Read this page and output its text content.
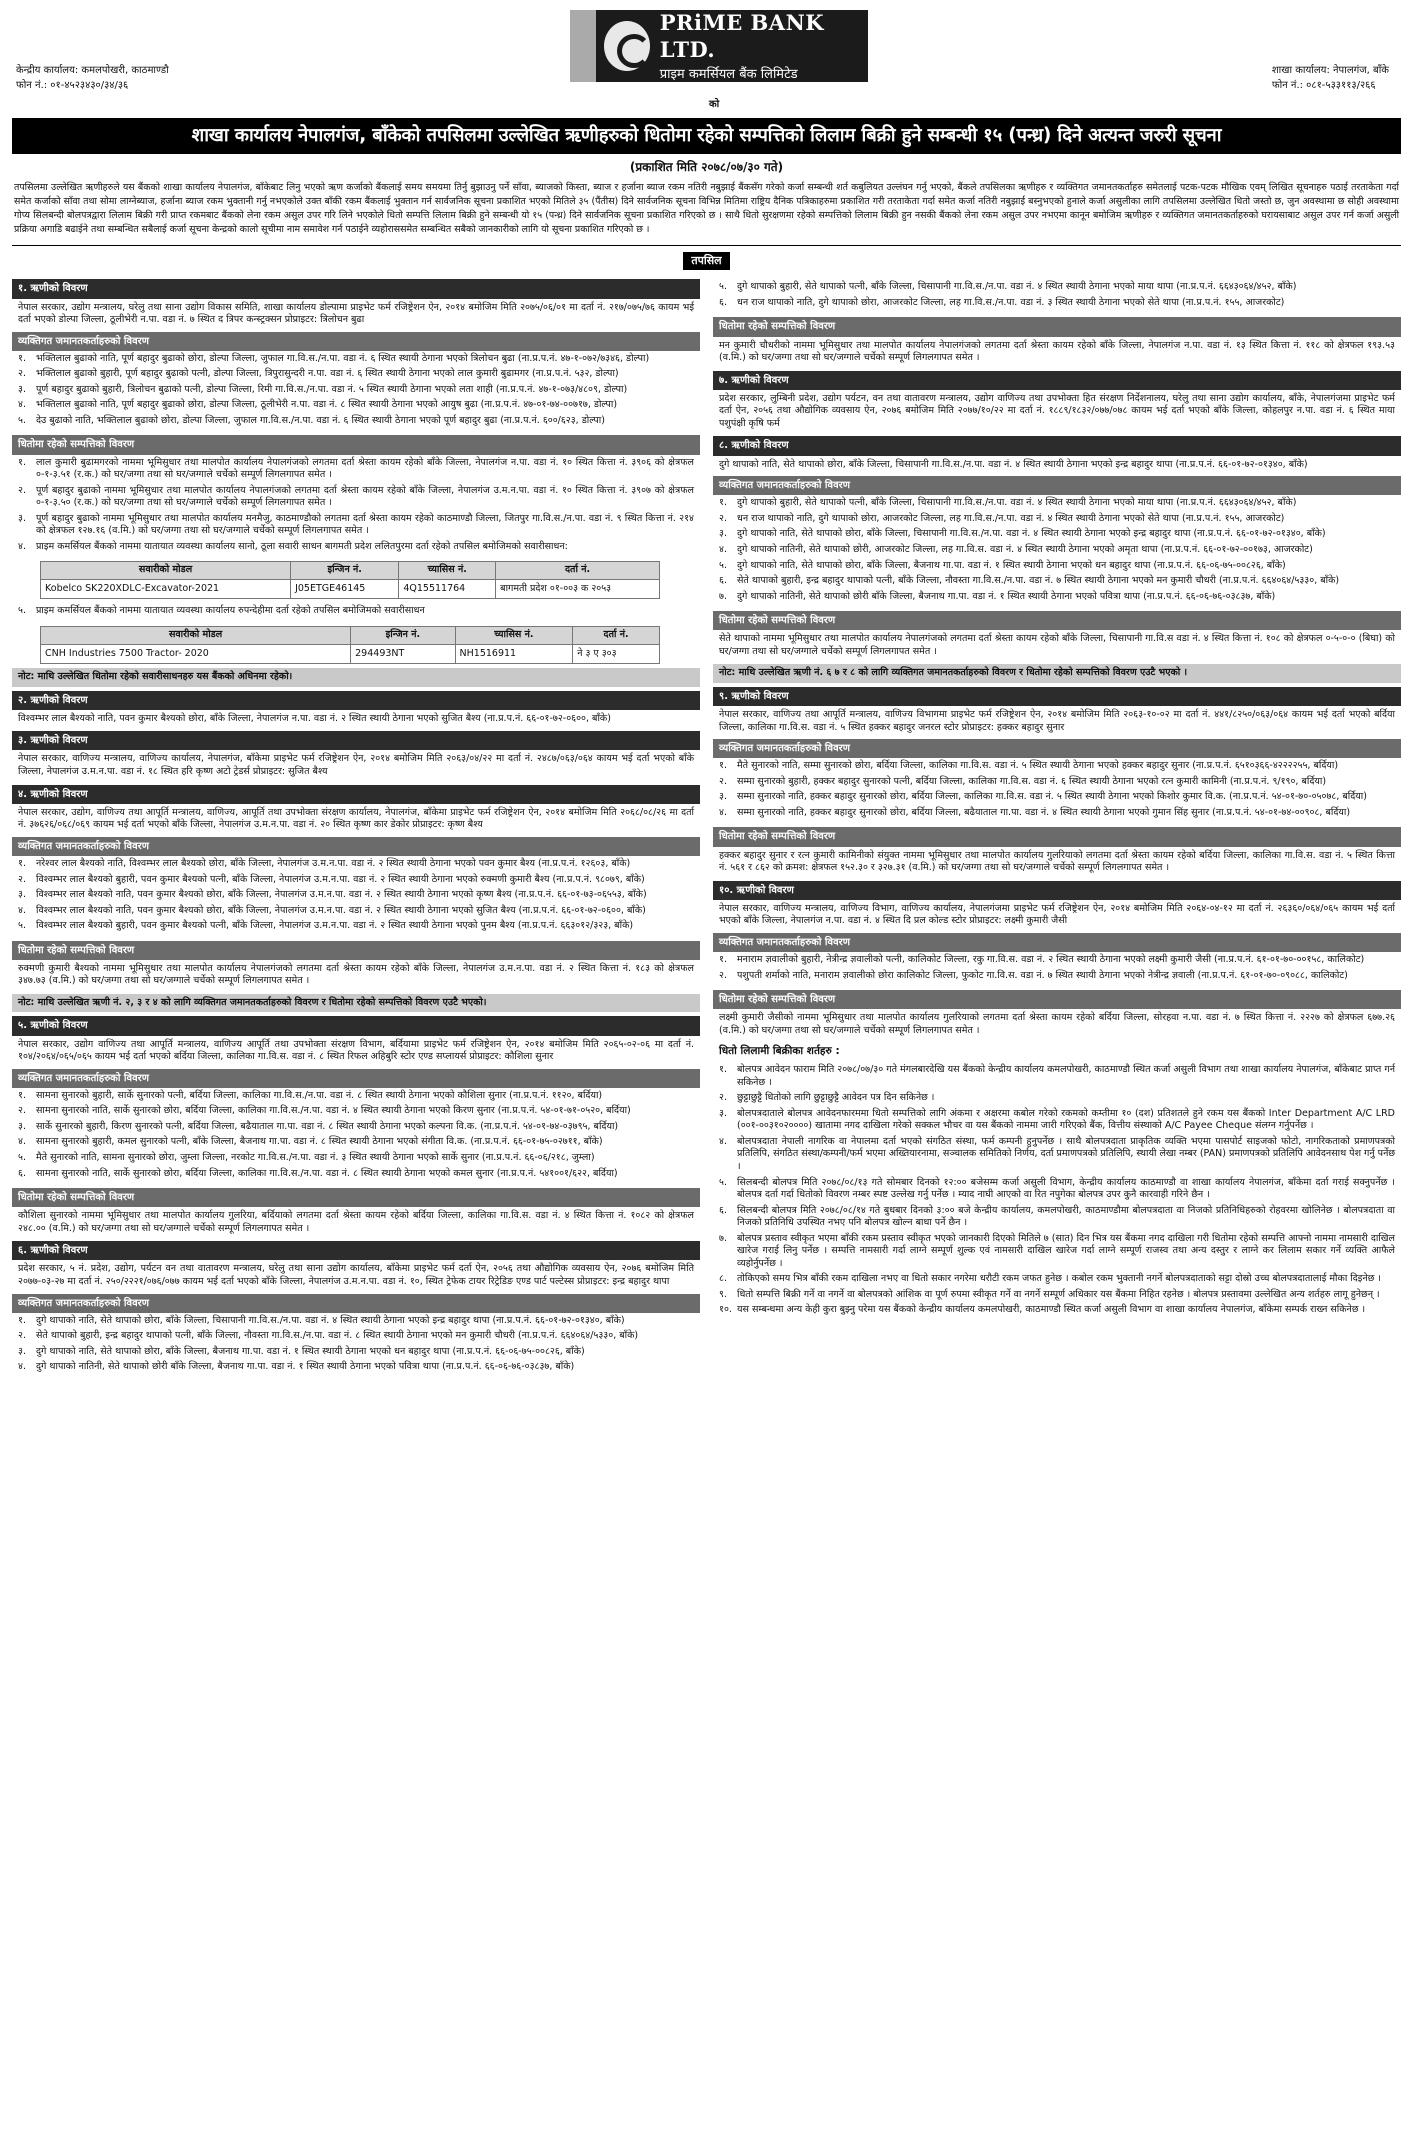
PRiME BANK LTD.
प्राइम कमर्सियल बैंक लिमिटेड
केन्द्रीय कार्यालय: कमलपोखरी, काठमाण्डौ
फोन नं.: ०१-४५२३४३०/३४/३६
शाखा कार्यालय: नेपालगंज, बाँके
फोन नं.: ०८१-५३३११३/२६६
को
शाखा कार्यालय नेपालगंज, बाँकेको तपसिलमा उल्लेखित ऋणीहरुको धितोमा रहेको सम्पत्तिको लिलाम बिक्री हुने सम्बन्धी १५ (पन्ध्र) दिने अत्यन्त जरुरी सूचना
(प्रकाशित मिति २०७८/०७/३० गते)
तपसिलमा उल्लेखित ऋणीहरुले यस बैंकको शाखा कार्यालय नेपालगंज, बाँकेबाट लिनु भएको ऋण कर्जाको बैंकलाई समय समयमा तिर्नु बुझाउनु पर्ने साँवा, ब्याजको किस्ता, ब्याज र हर्जाना ब्याज रकम नतिरी नबुझाई बैंकसँग गरेको कर्जा सम्बन्धी शर्त कबुलियत उल्लंघन गर्नु भएको, बैंकले तपसिलका ऋणीहरु र व्यक्तिगत जमानतकर्ताहरु समेतलाई पटक-पटक मौखिक एवम् लिखित सूचनाहरु पठाई तरताकेता गर्दा समेत कर्जाको साँवा तथा सोमा लाग्नेब्याज, हर्जाना ब्याज रकम भुक्तानी गर्नु नभएकोले उक्त बाँकी रकम बैंकलाई भुक्तान गर्न सार्वजनिक सूचना प्रकाशित भएको मितिले ३५ (पैंतीस) दिने सार्वजनिक सूचना विभिन्न मितिमा राष्ट्रिय दैनिक पत्रिकाहरुमा प्रकाशित गरी तरताकेता गर्दा समेत कर्जा नतिरी नबुझाई बस्नुभएको हुनाले कर्जा असुलीका लागि तपसिलमा उल्लेखित धितो जस्तो छ, जुन अवस्थामा छ सोही अवस्थामा गोप्य सिलबन्दी बोलपत्रद्वारा लिलाम बिक्री गरी प्राप्त रकमबाट बैंकको लेना रकम असुल उपर गरि लिने भएकोले धितो सम्पत्ति लिलाम बिक्री हुने सम्बन्धी यो १५ (पन्ध्र) दिने सार्वजनिक सूचना प्रकाशित गरिएको छ । साथै धितो सुरक्षणमा रहेको सम्पत्तिको लिलाम बिक्री हुन नसकी बैंकको लेना रकम असुल उपर नभएमा कानून बमोजिम ऋणीहरु र व्यक्तिगत जमानतकर्ताहरुको घरायसाबाट असुल उपर गर्न कर्जा असुली प्रक्रिया अगाडि बढाईने तथा सम्बन्धित सबैलाई कर्जा सूचना केन्द्रको कालो सूचीमा नाम समावेश गर्न पठाईने व्यहोराससमेत सम्बन्धित सबैको जानकारीको लागि यो सूचना प्रकाशित गरिएको छ ।
तपसिल
१. ऋणीको विवरण
नेपाल सरकार, उद्योग मन्त्रालय, घरेलु तथा साना उद्योग विकास समिति, शाखा कार्यालय डोल्पामा प्राइभेट फर्म रजिष्ट्रेशन ऐन, २०१४ बमोजिम मिति २०७५/०६/०१ मा दर्ता नं. २१७/०७५/७६ कायम भई दर्ता भएको डोल्पा जिल्ला, ठूलीभेरी न.पा. वडा नं. ७ स्थित द त्रिपर कन्स्ट्रक्सन प्रोप्राइटर: त्रिलोचन बुढा
व्यक्तिगत जमानतकर्ताहरुको विवरण
१.	भक्तिलाल बुढाको नाति, पूर्ण बहादुर बुढाको छोरा, डोल्पा जिल्ला, जुफाल गा.वि.स./न.पा. वडा नं. ६ स्थित स्थायी ठेगाना भएको त्रिलोचन बुढा (ना.प्र.प.नं. ४७-१-०७२/७३४६, डोल्पा)
२.	भक्तिलाल बुढाको बुहारी, पूर्ण बहादुर बुढाको पत्नी, डोल्पा जिल्ला, त्रिपुरासुन्दरी न.पा. वडा नं. ६ स्थित स्थायी ठेगाना भएको लाल कुमारी बुढामगर (ना.प्र.प.नं. ५३२, डोल्पा)
३.	पूर्ण बहादुर बुढाको बुहारी, त्रिलोचन बुढाको पत्नी, डोल्पा जिल्ला, रिमी गा.वि.स./न.पा. वडा नं. ५ स्थित स्थायी ठेगाना भएको लता शाही (ना.प्र.प.नं. ४७-१-०७३/४८०९, डोल्पा)
४.	भक्तिलाल बुढाको नाति, पूर्ण बहादुर बुढाको छोरा, डोल्पा जिल्ला, ठूलीभेरी न.पा. वडा नं. ८ स्थित स्थायी ठेगाना भएको आयुष बुढा (ना.प्र.प.नं. ४७-०१-७४-००७१७, डोल्पा)
५.	देउ बुढाको नाति, भक्तिलाल बुढाको छोरा, डोल्पा जिल्ला, जुफाल गा.वि.स./न.पा. वडा नं. ६ स्थित स्थायी ठेगाना भएको पूर्ण बहादुर बुढा (ना.प्र.प.नं. ६००/६२३, डोल्पा)
धितोमा रहेको सम्पत्तिको विवरण
१.	लाल कुमारी बुढामगरको नाममा भूमिसुधार तथा मालपोत कार्यालय नेपालगंजको लगतमा दर्ता श्रेस्ता कायम रहेको बाँके जिल्ला, नेपालगंज न.पा. वडा नं. १० स्थित कित्ता नं. ३९०६ को क्षेत्रफल ०-१-३.५१ (र.क.) को घर/जग्गा तथा सो घर/जग्गाले चर्चेको सम्पूर्ण लिगलगापत समेत ।
२.	पूर्ण बहादुर बुढाको नाममा भूमिसुधार तथा मालपोत कार्यालय नेपालगंजको लगतमा दर्ता श्रेस्ता कायम रहेको बाँके जिल्ला, नेपालगंज उ.म.न.पा. वडा नं. १० स्थित कित्ता नं. ३९०७ को क्षेत्रफल ०-१-३.५० (र.क.) को घर/जग्गा तथा सो घर/जग्गाले चर्चेको सम्पूर्ण लिगलगापत समेत ।
३.	पूर्ण बहादुर बुढाको नाममा भूमिसुधार तथा मालपोत कार्यालय मनमैजु, काठमाण्डौको लगतमा दर्ता श्रेस्ता कायम रहेको काठमाण्डौ जिल्ला, जितपुर गा.वि.स./न.पा. वडा नं. ९ स्थित कित्ता नं. २१४ को क्षेत्रफल १२७.१६ (व.मि.) को घर/जग्गा तथा सो घर/जग्गाले चर्चेको सम्पूर्ण लिगलगापत समेत ।
४.	प्राइम कमर्सियल बैंकको नाममा यातायात व्यवस्था कार्यालय सानो, ठूला सवारी साधन बागमती प्रदेश ललितपुरमा दर्ता रहेको तपसिल बमोजिमको सवारीसाधन:
सवारीको मोडल	इन्जिन नं.	च्यासिस नं.	दर्ता नं.
Kobelco SK220XDLC-Excavator-2021	J05ETGE46145	4Q15511764	बागमती प्रदेश ०१-००३ क २०५३
५.	प्राइम कमर्सियल बैंकको नाममा यातायात व्यवस्था कार्यालय रुपन्देहीमा दर्ता रहेको तपसिल बमोजिमको सवारीसाधन
सवारीको मोडल	इन्जिन नं.	च्यासिस नं.	दर्ता नं.
CNH Industries 7500 Tractor- 2020	294493NT	NH1516911	ने ३ ए ३०३
नोट: माथि उल्लेखित धितोमा रहेको सवारीसाधनहरु यस बैंकको अधिनमा रहेको।
२. ऋणीको विवरण
विश्वम्भर लाल बैश्यको नाति, पवन कुमार बैश्यको छोरा, बाँके जिल्ला, नेपालगंज न.पा. वडा नं. २ स्थित स्थायी ठेगाना भएको सुजित बैश्य (ना.प्र.प.नं. ६६-०१-७२-०६००, बाँके)
३. ऋणीको विवरण
नेपाल सरकार, वाणिज्य मन्त्रालय, वाणिज्य कार्यालय, नेपालगंज, बाँकेमा प्राइभेट फर्म रजिष्ट्रेशन ऐन, २०१४ बमोजिम मिति २०६३/०४/२२ मा दर्ता नं. २४८७/०६३/०६४ कायम भई दर्ता भएको बाँके जिल्ला, नेपालगंज उ.म.न.पा. वडा नं. १८ स्थित हरि कृष्ण अटो ट्रेडर्स प्रोप्राइटर: सुजित बैश्य
४. ऋणीको विवरण
नेपाल सरकार, उद्योग, वाणिज्य तथा आपूर्ति मन्त्रालय, वाणिज्य, आपूर्ति तथा उपभोक्ता संरक्षण कार्यालय, नेपालगंज, बाँकेमा प्राइभेट फर्म रजिष्ट्रेशन ऐन, २०१४ बमोजिम मिति २०६८/०८/२६ मा दर्ता नं. ३७६२६/०६८/०६९ कायम भई दर्ता भएको बाँके जिल्ला, नेपालगंज उ.म.न.पा. वडा नं. २० स्थित कृष्ण कार डेकोर प्रोप्राइटर: कृष्ण बैश्य
व्यक्तिगत जमानतकर्ताहरुको विवरण
१.	नरेश्वर लाल बैश्यको नाति, विश्वम्भर लाल बैश्यको छोरा, बाँके जिल्ला, नेपालगंज उ.म.न.पा. वडा नं. २ स्थित स्थायी ठेगाना भएको पवन कुमार बैश्य (ना.प्र.प.नं. १२६०३, बाँके)
२.	विश्वम्भर लाल बैश्यको बुहारी, पवन कुमार बैश्यको पत्नी, बाँके जिल्ला, नेपालगंज उ.म.न.पा. वडा नं. २ स्थित स्थायी ठेगाना भएको रुक्मणी कुमारी बैश्य (ना.प्र.प.नं. ९८०७९, बाँके)
३.	विश्वम्भर लाल बैश्यको नाति, पवन कुमार बैश्यको छोरा, बाँके जिल्ला, नेपालगंज उ.म.न.पा. वडा नं. २ स्थित स्थायी ठेगाना भएको कृष्ण बैश्य (ना.प्र.प.नं. ६६-०१-७३-०६५५३, बाँके)
४.	विश्वम्भर लाल बैश्यको नाति, पवन कुमार बैश्यको छोरा, बाँके जिल्ला, नेपालगंज उ.म.न.पा. वडा नं. २ स्थित स्थायी ठेगाना भएको सुजित बैश्य (ना.प्र.प.नं. ६६-०१-७२-०६००, बाँके)
५.	विश्वम्भर लाल बैश्यको बुहारी, पवन कुमार बैश्यको पत्नी, बाँके जिल्ला, नेपालगंज उ.म.न.पा. वडा नं. २ स्थित स्थायी ठेगाना भएको पुनम बैश्य (ना.प्र.प.नं. ६६३०१२/३२३, बाँके)
धितोमा रहेको सम्पत्तिको विवरण
रुक्मणी कुमारी बैश्यको नाममा भूमिसुधार तथा मालपोत कार्यालय नेपालगंजको लगतमा दर्ता श्रेस्ता कायम रहेको बाँके जिल्ला, नेपालगंज उ.म.न.पा. वडा नं. २ स्थित कित्ता नं. १८३ को क्षेत्रफल ३४७.७३ (व.मि.) को घर/जग्गा तथा सो घर/जग्गाले चर्चेको सम्पूर्ण लिगलगापत समेत ।
नोट: माथि उल्लेखित ऋणी नं. २, ३ र ४ को लागि व्यक्तिगत जमानतकर्ताहरुको विवरण र धितोमा रहेको सम्पत्तिको विवरण एउटै भएको।
५. ऋणीको विवरण
नेपाल सरकार, उद्योग वाणिज्य तथा आपूर्ति मन्त्रालय, वाणिज्य आपूर्ति तथा उपभोक्ता संरक्षण विभाग, बर्दियामा प्राइभेट फर्म रजिष्ट्रेशन ऐन, २०१४ बमोजिम मिति २०६५-०२-०६ मा दर्ता नं. १०४/२०६४/०६५/०६५ कायम भई दर्ता भएको बर्दिया जिल्ला, कालिका गा.वि.स. वडा नं. ८ स्थित रिफल अहिबुरि स्टोर एण्ड सप्लायर्स प्रोप्राइटर: कौशिला सुनार
व्यक्तिगत जमानतकर्ताहरुको विवरण
१.	सामना सुनारको बुहारी, सार्के सुनारको पत्नी, बर्दिया जिल्ला, कालिका गा.वि.स./न.पा. वडा नं. ८ स्थित स्थायी ठेगाना भएको कौशिला सुनार (ना.प्र.प.नं. ११२०, बर्दिया)
२.	सामना सुनारको नाति, सार्के सुनारको छोरा, बर्दिया जिल्ला, कालिका गा.वि.स./न.पा. वडा नं. ४ स्थित स्थायी ठेगाना भएको किरण सुनार (ना.प्र.प.नं. ५४-०१-७१-०५२०, बर्दिया)
३.	सार्के सुनारको बुहारी, किरण सुनारको पत्नी, बर्दिया जिल्ला, बढैयाताल गा.पा. वडा नं. ८ स्थित स्थायी ठेगाना भएको कल्पना वि.क. (ना.प्र.प.नं. ५४-०१-७४-०३७९५, बर्दिया)
४.	सामना सुनारको बुहारी, कमल सुनारको पत्नी, बाँके जिल्ला, बैजनाथ गा.पा. वडा नं. ८ स्थित स्थायी ठेगाना भएको संगीता वि.क. (ना.प्र.प.नं. ६६-०१-७५-०२७११, बाँके)
५.	मैते सुनारको नाति, सामना सुनारको छोरा, जुम्ला जिल्ला, नरकोट गा.वि.स./न.पा. वडा नं. ३ स्थित स्थायी ठेगाना भएको सार्के सुनार (ना.प्र.प.नं. ६६-०६/२१८, जुम्ला)
६.	सामना सुनारको नाति, सार्के सुनारको छोरा, बर्दिया जिल्ला, कालिका गा.वि.स./न.पा. वडा नं. ८ स्थित स्थायी ठेगाना भएको कमल सुनार (ना.प्र.प.नं. ५४१००१/६२२, बर्दिया)
धितोमा रहेको सम्पत्तिको विवरण
कौशिला सुनारको नाममा भूमिसुधार तथा मालपोत कार्यालय गुलरिया, बर्दियाको लगतमा दर्ता श्रेस्ता कायम रहेको बर्दिया जिल्ला, कालिका गा.वि.स. वडा नं. ४ स्थित कित्ता नं. १०८२ को क्षेत्रफल २४८.०० (व.मि.) को घर/जग्गा तथा सो घर/जग्गाले चर्चेको सम्पूर्ण लिगलगापत समेत ।
६. ऋणीको विवरण
प्रदेश सरकार, ५ नं. प्रदेश, उद्योग, पर्यटन वन तथा वातावरण मन्त्रालय, घरेलु तथा साना उद्योग कार्यालय, बाँकेमा प्राइभेट फर्म दर्ता ऐन, २०५६ तथा औद्योगिक व्यवसाय ऐन, २०७६ बमोजिम मिति २०७७-०३-२७ मा दर्ता नं. २५०/२२२१/०७६/०७७ कायम भई दर्ता भएको बाँके जिल्ला, नेपालगंज उ.म.न.पा. वडा नं. १०, स्थित ट्रेफेक टायर रिट्रेडिङ एण्ड पार्ट पल्टेस्स प्रोप्राइटर: इन्द्र बहादुर थापा
व्यक्तिगत जमानतकर्ताहरुको विवरण
१.	दुगे थापाको नाति, सेते थापाको छोरा, बाँके जिल्ला, चिसापानी गा.वि.स./न.पा. वडा नं. ४ स्थित स्थायी ठेगाना भएको इन्द्र बहादुर थापा (ना.प्र.प.नं. ६६-०१-७२-०१३४०, बाँके)
२.	सेते थापाको बुहारी, इन्द्र बहादुर थापाको पत्नी, बाँके जिल्ला, नौवस्ता गा.वि.स./न.पा. वडा नं. ८ स्थित स्थायी ठेगाना भएको मन कुमारी चौधरी (ना.प्र.प.नं. ६६४०६४/५३३०, बाँके)
३.	दुगे थापाको नाति, सेते थापाको छोरा, बाँके जिल्ला, बैजनाथ गा.पा. वडा नं. १ स्थित स्थायी ठेगाना भएको धन बहादुर थापा (ना.प्र.प.नं. ६६-०६-७५-००८२६, बाँके)
४.	दुगे थापाको नातिनी, सेते थापाको छोरी बाँके जिल्ला, बैजनाथ गा.पा. वडा नं. १ स्थित स्थायी ठेगाना भएको पवित्रा थापा (ना.प्र.प.नं. ६६-०६-७६-०३८३७, बाँके)
५.	दुगे थापाको बुहारी, सेते थापाको पत्नी, बाँके जिल्ला, चिसापानी गा.वि.स./न.पा. वडा नं. ४ स्थित स्थायी ठेगाना भएको माया थापा (ना.प्र.प.नं. ६६४३०६४/४५२, बाँके)
६.	धन राज थापाको नाति, दुगे थापाको छोरा, आजरकोट जिल्ला, लह गा.वि.स./न.पा. वडा नं. ३ स्थित स्थायी ठेगाना भएको सेते थापा (ना.प्र.प.नं. १५५, आजरकोट)
धितोमा रहेको सम्पत्तिको विवरण
मन कुमारी चौधरीको नाममा भूमिसुधार तथा मालपोत कार्यालय नेपालगंजको लगतमा दर्ता श्रेस्ता कायम रहेको बाँके जिल्ला, नेपालगंज न.पा. वडा नं. १३ स्थित कित्ता नं. ११८ को क्षेत्रफल १९३.५३ (व.मि.) को घर/जग्गा तथा सो घर/जग्गाले चर्चेको सम्पूर्ण लिगलगापत समेत ।
७. ऋणीको विवरण
प्रदेश सरकार, लुम्बिनी प्रदेश, उद्योग पर्यटन, वन तथा वातावरण मन्त्रालय, उद्योग वाणिज्य तथा उपभोक्ता हित संरक्षण निर्देशनालय, घरेलु तथा साना उद्योग कार्यालय, बाँके, नेपालगंजमा प्राइभेट फर्म दर्ता ऐन, २०५६ तथा औद्योगिक व्यवसाय ऐन, २०७६ बमोजिम मिति २०७७/१०/२२ मा दर्ता नं. १८८९/१८३२/०७७/०७८ कायम भई दर्ता भएको बाँके जिल्ला, कोहलपुर न.पा. वडा नं. ६ स्थित माया पशुपंक्षी कृषि फर्म
८. ऋणीको विवरण
दुगे थापाको नाति, सेते थापाको छोरा, बाँके जिल्ला, चिसापानी गा.वि.स./न.पा. वडा नं. ४ स्थित स्थायी ठेगाना भएको इन्द्र बहादुर थापा (ना.प्र.प.नं. ६६-०१-७२-०१३४०, बाँके)
व्यक्तिगत जमानतकर्ताहरुको विवरण
१.	दुगे थापाको बुहारी, सेते थापाको पत्नी, बाँके जिल्ला, चिसापानी गा.वि.स./न.पा. वडा नं. ४ स्थित स्थायी ठेगाना भएको माया थापा (ना.प्र.प.नं. ६६४३०६४/४५२, बाँके)
२.	धन राज थापाको नाति, दुगे थापाको छोरा, आजरकोट जिल्ला, लह गा.वि.स./न.पा. वडा नं. ४ स्थित स्थायी ठेगाना भएको सेते थापा (ना.प्र.प.नं. १५५, आजरकोट)
३.	दुगे थापाको नाति, सेते थापाको छोरा, बाँके जिल्ला, चिसापानी गा.वि.स./न.पा. वडा नं. ४ स्थित स्थायी ठेगाना भएको इन्द्र बहादुर थापा (ना.प्र.प.नं. ६६-०१-७२-०१३४०, बाँके)
४.	दुगे थापाको नातिनी, सेते थापाको छोरी, आजरकोट जिल्ला, लह गा.वि.स. वडा नं. ४ स्थित स्थायी ठेगाना भएको अमृता थापा (ना.प्र.प.नं. ६६-०१-७२-००१७३, आजरकोट)
५.	दुगे थापाको नाति, सेते थापाको छोरा, बाँके जिल्ला, बैजनाथ गा.पा. वडा नं. १ स्थित स्थायी ठेगाना भएको धन बहादुर थापा (ना.प्र.प.नं. ६६-०६-७५-००८२६, बाँके)
६.	सेते थापाको बुहारी, इन्द्र बहादुर थापाको पत्नी, बाँके जिल्ला, नौवस्ता गा.वि.स./न.पा. वडा नं. ७ स्थित स्थायी ठेगाना भएको मन कुमारी चौधरी (ना.प्र.प.नं. ६६४०६४/५३३०, बाँके)
७.	दुगे थापाको नातिनी, सेते थापाको छोरी बाँके जिल्ला, बैजनाथ गा.पा. वडा नं. १ स्थित स्थायी ठेगाना भएको पवित्रा थापा (ना.प्र.प.नं. ६६-०६-७६-०३८३७, बाँके)
धितोमा रहेको सम्पत्तिको विवरण
सेते थापाको नाममा भूमिसुधार तथा मालपोत कार्यालय नेपालगंजको लगतमा दर्ता श्रेस्ता कायम रहेको बाँके जिल्ला, चिसापानी गा.वि.स वडा नं. ४ स्थित कित्ता नं. १०८ को क्षेत्रफल ०-५-०-० (बिघा) को घर/जग्गा तथा सो घर/जग्गाले चर्चेको सम्पूर्ण लिगलगापत समेत ।
नोट: माथि उल्लेखित ऋणी नं. ६ ७ र ८ को लागि व्यक्तिगत जमानतकर्ताहरुको विवरण र धितोमा रहेको सम्पत्तिको विवरण एउटै भएको ।
९. ऋणीको विवरण
नेपाल सरकार, वाणिज्य तथा आपूर्ति मन्त्रालय, वाणिज्य विभागमा प्राइभेट फर्म रजिष्ट्रेशन ऐन, २०१४ बमोजिम मिति २०६३-१०-०२ मा दर्ता नं. ४४१/८२५०/०६३/०६४ कायम भई दर्ता भएको बर्दिया जिल्ला, कालिका गा.वि.स. वडा नं. ५ स्थित हक्कर बहादुर जनरल स्टोर प्रोप्राइटर: हक्कर बहादुर सुनार
व्यक्तिगत जमानतकर्ताहरुको विवरण
१.	मैते सुनारको नाति, सम्मा सुनारको छोरा, बर्दिया जिल्ला, कालिका गा.वि.स. वडा नं. ५ स्थित स्थायी ठेगाना भएको हक्कर बहादुर सुनार (ना.प्र.प.नं. ६५१०३६६-४२२२२५५, बर्दिया)
२.	सम्मा सुनारको बुहारी, हक्कर बहादुर सुनारको पत्नी, बर्दिया जिल्ला, कालिका गा.वि.स. वडा नं. ६ स्थित स्थायी ठेगाना भएको रत्न कुमारी कामिनी (ना.प्र.प.नं. ९/१९०, बर्दिया)
३.	सम्मा सुनारको नाति, हक्कर बहादुर सुनारको छोरा, बर्दिया जिल्ला, कालिका गा.वि.स. वडा नं. ५ स्थित स्थायी ठेगाना भएको किशोर कुमार वि.क. (ना.प्र.प.नं. ५४-०१-७०-०५०७८, बर्दिया)
४.	सम्मा सुनारको नाति, हक्कर बहादुर सुनारको छोरा, बर्दिया जिल्ला, बढैयाताल गा.पा. वडा नं. ४ स्थित स्थायी ठेगाना भएको गुमान सिंह सुनार (ना.प्र.प.नं. ५४-०१-७४-००९०८, बर्दिया)
धितोमा रहेको सम्पत्तिको विवरण
हक्कर बहादुर सुनार र रत्न कुमारी कामिनीको संयुक्त नाममा भूमिसुधार तथा मालपोत कार्यालय गुलरियाको लगतमा दर्ता श्रेस्ता कायम रहेको बर्दिया जिल्ला, कालिका गा.वि.स. वडा नं. ५ स्थित कित्ता नं. ५६१ र ८६२ को क्रमश: क्षेत्रफल १५२.३० र ३२७.३१ (व.मि.) को घर/जग्गा तथा सो घर/जग्गाले चर्चेको सम्पूर्ण लिगलगापत समेत ।
१०. ऋणीको विवरण
नेपाल सरकार, वाणिज्य मन्त्रालय, वाणिज्य विभाग, वाणिज्य कार्यालय, नेपालगंजमा प्राइभेट फर्म रजिष्ट्रेशन ऐन, २०१४ बमोजिम मिति २०६४-०४-१२ मा दर्ता नं. २६३६०/०६४/०६५ कायम भई दर्ता भएको बाँके जिल्ला, नेपालगंज न.पा. वडा नं. ४ स्थित दि प्रल कोल्ड स्टोर प्रोप्राइटर: लक्ष्मी कुमारी जैसी
व्यक्तिगत जमानतकर्ताहरुको विवरण
१.	मनाराम ज्ञवालीको बुहारी, नेत्रीन्द्र ज्ञवालीको पत्नी, कालिकोट जिल्ला, रकु गा.वि.स. वडा नं. २ स्थित स्थायी ठेगाना भएको लक्ष्मी कुमारी जैसी (ना.प्र.प.नं. ६१-०१-७०-००१५८, कालिकोट)
२.	पशुपती शर्माको नाति, मनाराम ज्ञवालीको छोरा कालिकोट जिल्ला, फुकोट गा.वि.स. वडा नं. ७ स्थित स्थायी ठेगाना भएको नेत्रीन्द्र ज्ञवाली (ना.प्र.प.नं. ६१-०१-७०-०९०८८, कालिकोट)
धितोमा रहेको सम्पत्तिको विवरण
लक्ष्मी कुमारी जैसीको नाममा भूमिसुधार तथा मालपोत कार्यालय गुलरियाको लगतमा दर्ता श्रेस्ता कायम रहेको बर्दिया जिल्ला, सोरहवा न.पा. वडा नं. ७ स्थित कित्ता नं. २२२७ को क्षेत्रफल ६७७.२६ (व.मि.) को घर/जग्गा तथा सो घर/जग्गाले चर्चेको सम्पूर्ण लिगलगापत समेत ।
धितो लिलामी बिक्रीका शर्तहरु :
१.	बोलपत्र आवेदन फाराम मिति २०७८/०७/३० गते मंगलबारदेखि यस बैंकको केन्द्रीय कार्यालय कमलपोखरी, काठमाण्डौ स्थित कर्जा असुली विभाग तथा शाखा कार्यालय नेपालगंज, बाँकेबाट प्राप्त गर्न सकिनेछ ।
२.	छुट्टाछुट्टै धितोको लागि छुट्टाछुट्टै आवेदन पत्र दिन सकिनेछ ।
३.	बोलपत्रदाताले बोलपत्र आवेदनफारममा धितो सम्पत्तिको लागि अंकमा र अक्षरमा कबोल गरेको रकमको कम्तीमा १० (दश) प्रतिशतले हुने रकम यस बैंकको Inter Department A/C LRD (००१-००३१०२००००) खातामा नगद दाखिला गरेको सक्कल भौचर वा यस बैंकको नाममा जारी गरिएको बैंक, वित्तीय संस्थाको A/C Payee Cheque संलग्न गर्नुपर्नेछ ।
४.	बोलपत्रदाता नेपाली नागरिक वा नेपालमा दर्ता भएको संगठित संस्था, फर्म कम्पनी हुनुपर्नेछ । साथै बोलपत्रदाता प्राकृतिक व्यक्ति भएमा पासपोर्ट साइजको फोटो, नागरिकताको प्रमाणपत्रको प्रतिलिपि, संगठित संस्था/कम्पनी/फर्म भएमा अख्तियारनामा, सञ्चालक समितिको निर्णय, दर्ता प्रमाणपत्रको प्रतिलिपि, स्थायी लेखा नम्बर (PAN) प्रमाणपत्रको प्रतिलिपि आवेदनसाथ पेश गर्नु पर्नेछ ।
५.	सिलबन्दी बोलपत्र मिति २०७८/०८/१३ गते सोमबार दिनको १२:०० बजेसम्म कर्जा असुली विभाग, केन्द्रीय कार्यालय काठमाण्डौ वा शाखा कार्यालय नेपालगंज, बाँकेमा दर्ता गराई सक्नुपर्नेछ । बोलपत्र दर्ता गर्दा धितोको विवरण नम्बर स्पष्ट उल्लेख गर्नु पर्नेछ । म्याद नाघी आएको वा रित नपुगेका बोलपत्र उपर कुनै कारवाही गरिने छैन ।
६.	सिलबन्दी बोलपत्र मिति २०७८/०८/१४ गते बुधबार दिनको ३:०० बजे केन्द्रीय कार्यालय, कमलपोखरी, काठमाण्डौमा बोलपत्रदाता वा निजको प्रतिनिधिहरुको रोहवरमा खोलिनेछ । बोलपत्रदाता वा निजको प्रतिनिधि उपस्थित नभए पनि बोलपत्र खोल्न बाधा पर्ने छैन ।
७.	बोलपत्र प्रस्ताव स्वीकृत भएमा बाँकी रकम प्रस्ताव स्वीकृत भएको जानकारी दिएको मितिले ७ (सात) दिन भित्र यस बैंकमा नगद दाखिला गरी धितोमा रहेको सम्पत्ति आफ्नो नाममा नामसारी दाखिल खारेज गराई लिनु पर्नेछ । सम्पत्ति नामसारी गर्दा लाग्ने सम्पूर्ण शुल्क एवं नामसारी दाखिल खारेज गर्दा लाग्ने सम्पूर्ण राजस्व तथा अन्य दस्तुर र लाग्ने कर लिलाम सकार गर्ने व्यक्ति आफैले व्यहोर्नुपर्नेछ ।
८.	तोकिएको समय भित्र बाँकी रकम दाखिला नभए वा धितो सकार नगरेमा धरौटी रकम जफत हुनेछ । कबोल रकम भुक्तानी नगर्ने बोलपत्रदाताको सट्टा दोस्रो उच्च बोलपत्रदातालाई मौका दिइनेछ ।
९.	धितो सम्पत्ति बिक्री गर्ने वा नगर्ने वा बोलपत्रको आंशिक वा पूर्ण रुपमा स्वीकृत गर्ने वा नगर्ने सम्पूर्ण अधिकार यस बैंकमा निहित रहनेछ । बोलपत्र प्रस्तावमा उल्लेखित अन्य शर्तहरु लागू हुनेछन् ।
१०. यस सम्बन्धमा अन्य केही कुरा बुझ्नु परेमा यस बैंकको केन्द्रीय कार्यालय कमलपोखरी, काठमाण्डौ स्थित कर्जा असुली विभाग वा शाखा कार्यालय नेपालगंज, बाँकेमा सम्पर्क राख्न सकिनेछ ।
